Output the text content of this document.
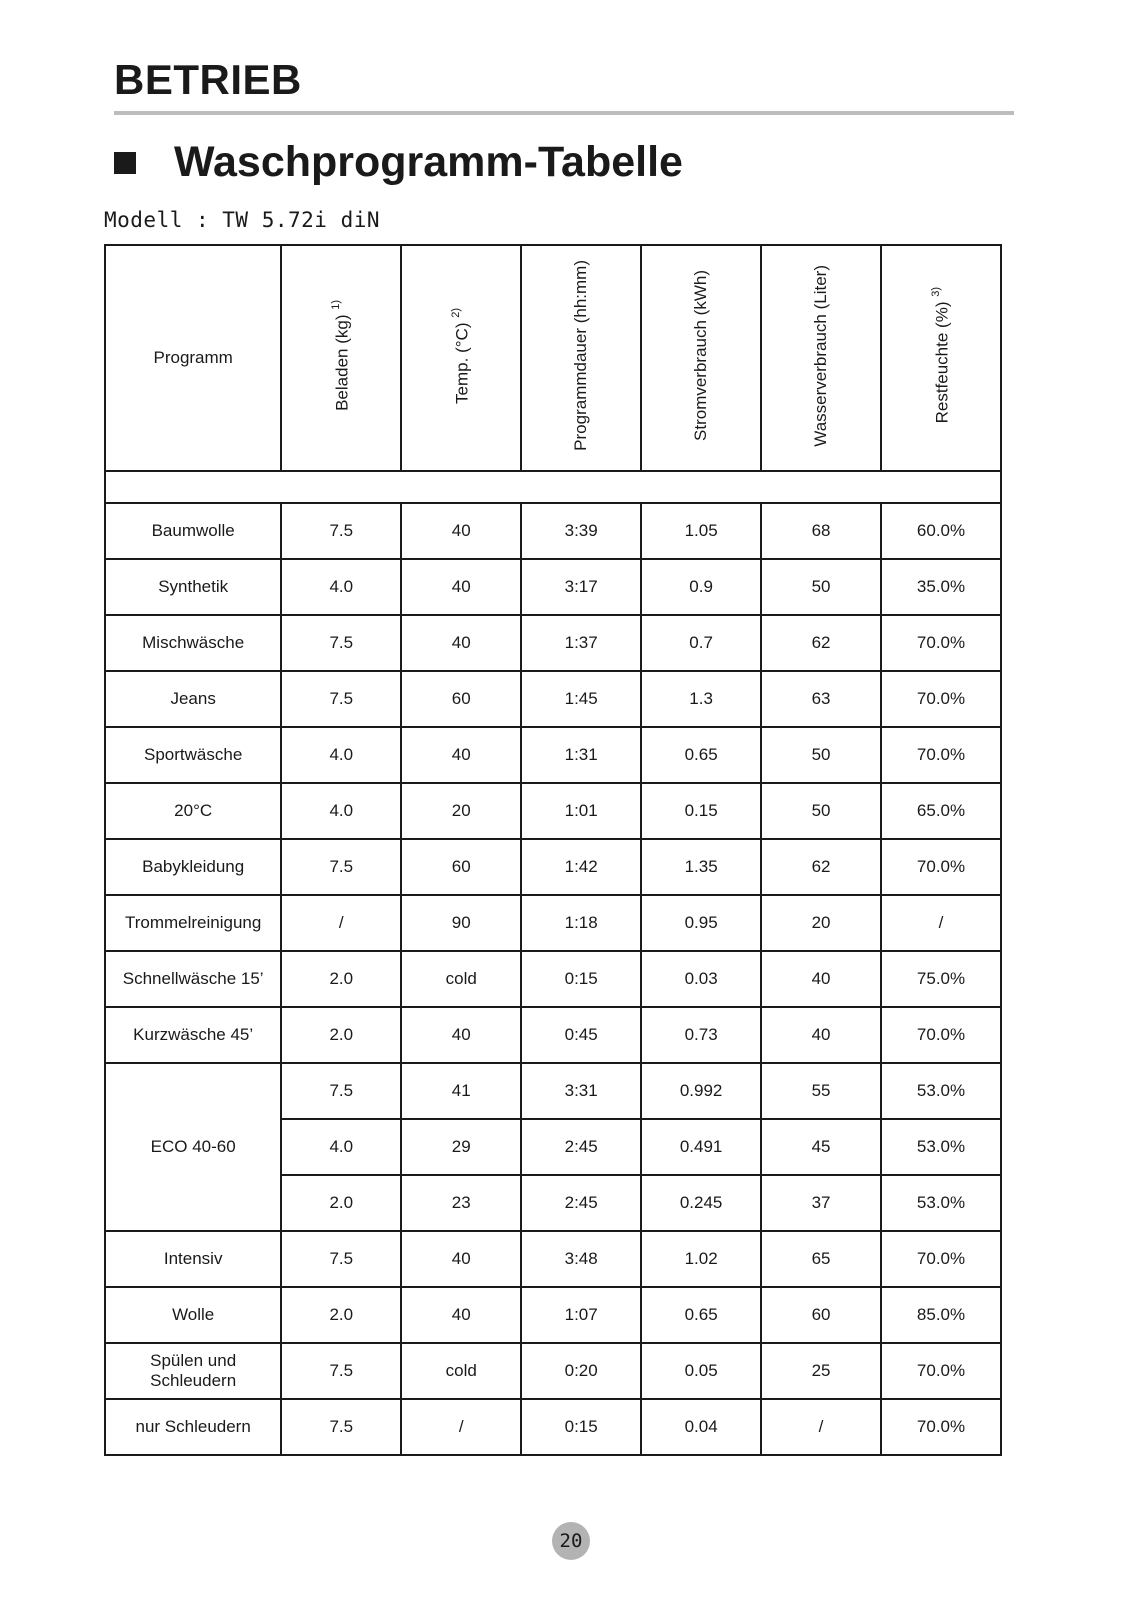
BETRIEB
Waschprogramm-Tabelle
Modell : TW 5.72i diN
Programm	Beladen (kg) $^{1)}$	Temp. (°C) $^{2)}$	Programmdauer (hh:mm)	Stromverbrauch (kWh)	Wasserverbrauch (Liter)	Restfeuchte (%) $^{3)}$

Baumwolle	7.5	40	3:39	1.05	68	60.0%
Synthetik	4.0	40	3:17	0.9	50	35.0%
Mischwäsche	7.5	40	1:37	0.7	62	70.0%
Jeans	7.5	60	1:45	1.3	63	70.0%
Sportwäsche	4.0	40	1:31	0.65	50	70.0%
20°C	4.0	20	1:01	0.15	50	65.0%
Babykleidung	7.5	60	1:42	1.35	62	70.0%
Trommelreinigung	/	90	1:18	0.95	20	/
Schnellwäsche 15’	2.0	cold	0:15	0.03	40	75.0%
Kurzwäsche 45’	2.0	40	0:45	0.73	40	70.0%
ECO 40-60	7.5	41	3:31	0.992	55	53.0%
	4.0	29	2:45	0.491	45	53.0%
	2.0	23	2:45	0.245	37	53.0%
Intensiv	7.5	40	3:48	1.02	65	70.0%
Wolle	2.0	40	1:07	0.65	60	85.0%
Spülen und Schleudern	7.5	cold	0:20	0.05	25	70.0%
nur Schleudern	7.5	/	0:15	0.04	/	70.0%
20
